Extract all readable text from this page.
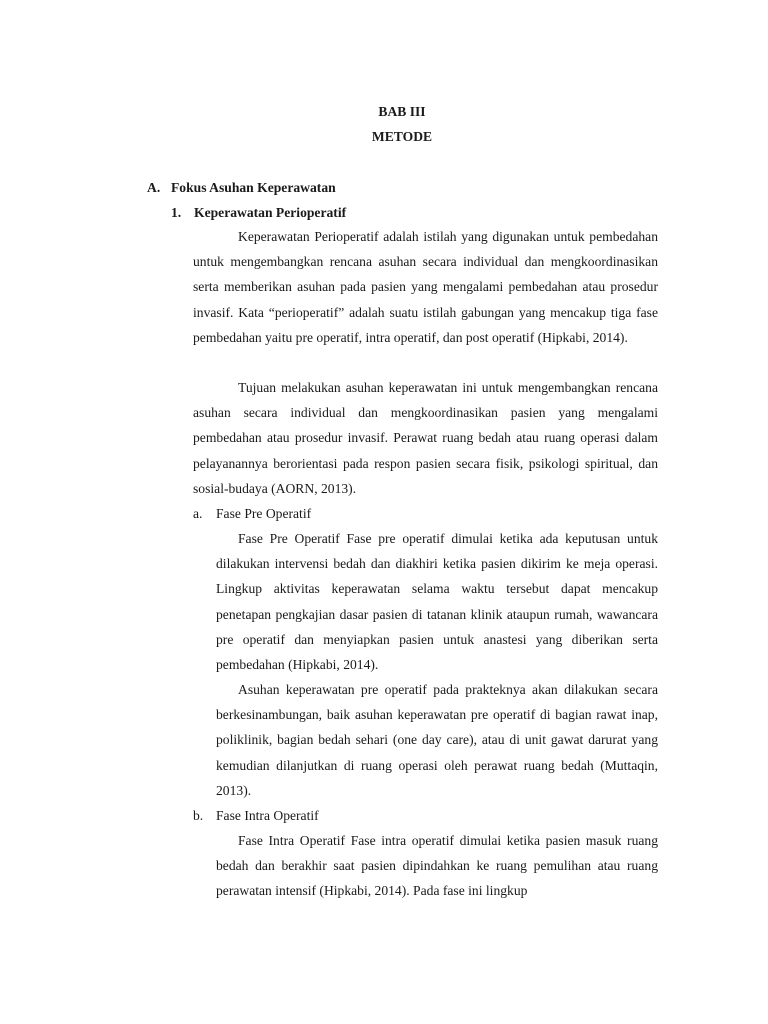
BAB III
METODE
A. Fokus Asuhan Keperawatan
1. Keperawatan Perioperatif

Keperawatan Perioperatif adalah istilah yang digunakan untuk pembedahan untuk mengembangkan rencana asuhan secara individual dan mengkoordinasikan serta memberikan asuhan pada pasien yang mengalami pembedahan atau prosedur invasif. Kata “perioperatif” adalah suatu istilah gabungan yang mencakup tiga fase pembedahan yaitu pre operatif, intra operatif, dan post operatif (Hipkabi, 2014).

Tujuan melakukan asuhan keperawatan ini untuk mengembangkan rencana asuhan secara individual dan mengkoordinasikan pasien yang mengalami pembedahan atau prosedur invasif. Perawat ruang bedah atau ruang operasi dalam pelayanannya berorientasi pada respon pasien secara fisik, psikologi spiritual, dan sosial-budaya (AORN, 2013).

a. Fase Pre Operatif

Fase Pre Operatif Fase pre operatif dimulai ketika ada keputusan untuk dilakukan intervensi bedah dan diakhiri ketika pasien dikirim ke meja operasi. Lingkup aktivitas keperawatan selama waktu tersebut dapat mencakup penetapan pengkajian dasar pasien di tatanan klinik ataupun rumah, wawancara pre operatif dan menyiapkan pasien untuk anastesi yang diberikan serta pembedahan (Hipkabi, 2014).

Asuhan keperawatan pre operatif pada prakteknya akan dilakukan secara berkesinambungan, baik asuhan keperawatan pre operatif di bagian rawat inap, poliklinik, bagian bedah sehari (one day care), atau di unit gawat darurat yang kemudian dilanjutkan di ruang operasi oleh perawat ruang bedah (Muttaqin, 2013).

b. Fase Intra Operatif

Fase Intra Operatif Fase intra operatif dimulai ketika pasien masuk ruang bedah dan berakhir saat pasien dipindahkan ke ruang pemulihan atau ruang perawatan intensif (Hipkabi, 2014). Pada fase ini lingkup
